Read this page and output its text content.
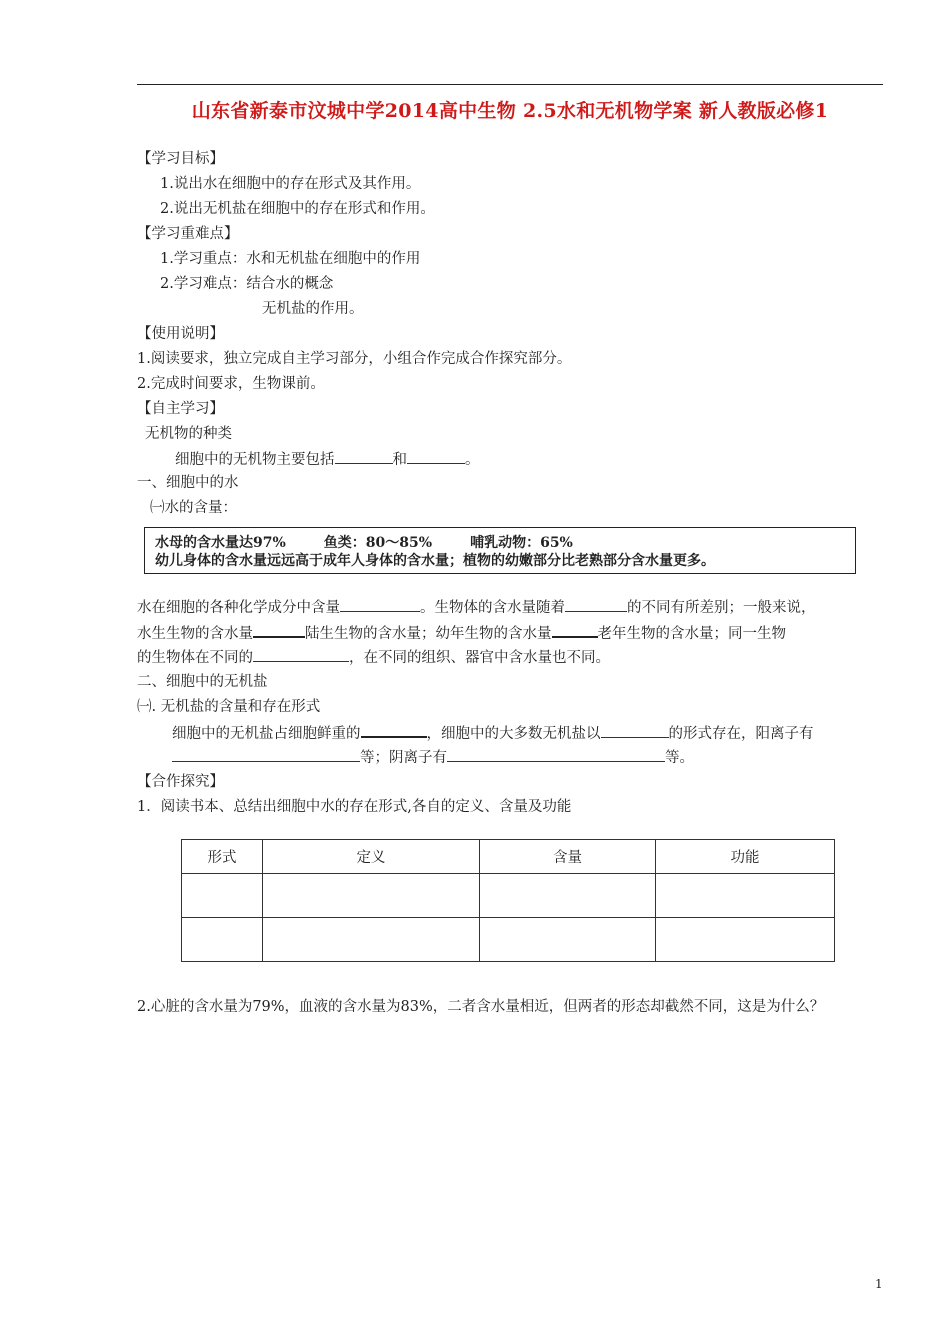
山东省新泰市汶城中学2014高中生物 2.5水和无机物学案 新人教版必修1
【学习目标】
1.说出水在细胞中的存在形式及其作用。
2.说出无机盐在细胞中的存在形式和作用。
【学习重难点】
1.学习重点：水和无机盐在细胞中的作用
2.学习难点：结合水的概念
无机盐的作用。
【使用说明】
1.阅读要求，独立完成自主学习部分，小组合作完成合作探究部分。
2.完成时间要求，生物课前。
【自主学习】
无机物的种类
细胞中的无机物主要包括	和	。
一、细胞中的水
㈠水的含量：
水母的含水量达97%	鱼类：80～85%	哺乳动物：65%
幼儿身体的含水量远远高于成年人身体的含水量；植物的幼嫩部分比老熟部分含水量更多。
水在细胞的各种化学成分中含量	。生物体的含水量随着	的不同有所差别；一般来说，
水生生物的含水量	陆生生物的含水量；幼年生物的含水量	老年生物的含水量；同一生物
的生物体在不同的	，在不同的组织、器官中含水量也不同。
二、细胞中的无机盐
㈠. 无机盐的含量和存在形式
细胞中的无机盐占细胞鲜重的	，细胞中的大多数无机盐以	的形式存在，阳离子有
等；阴离子有	等。
【合作探究】
1．阅读书本、总结出细胞中水的存在形式,各自的定义、含量及功能
形式	定义	含量	功能

2.心脏的含水量为79%，血液的含水量为83%，二者含水量相近，但两者的形态却截然不同，这是为什么？
1
